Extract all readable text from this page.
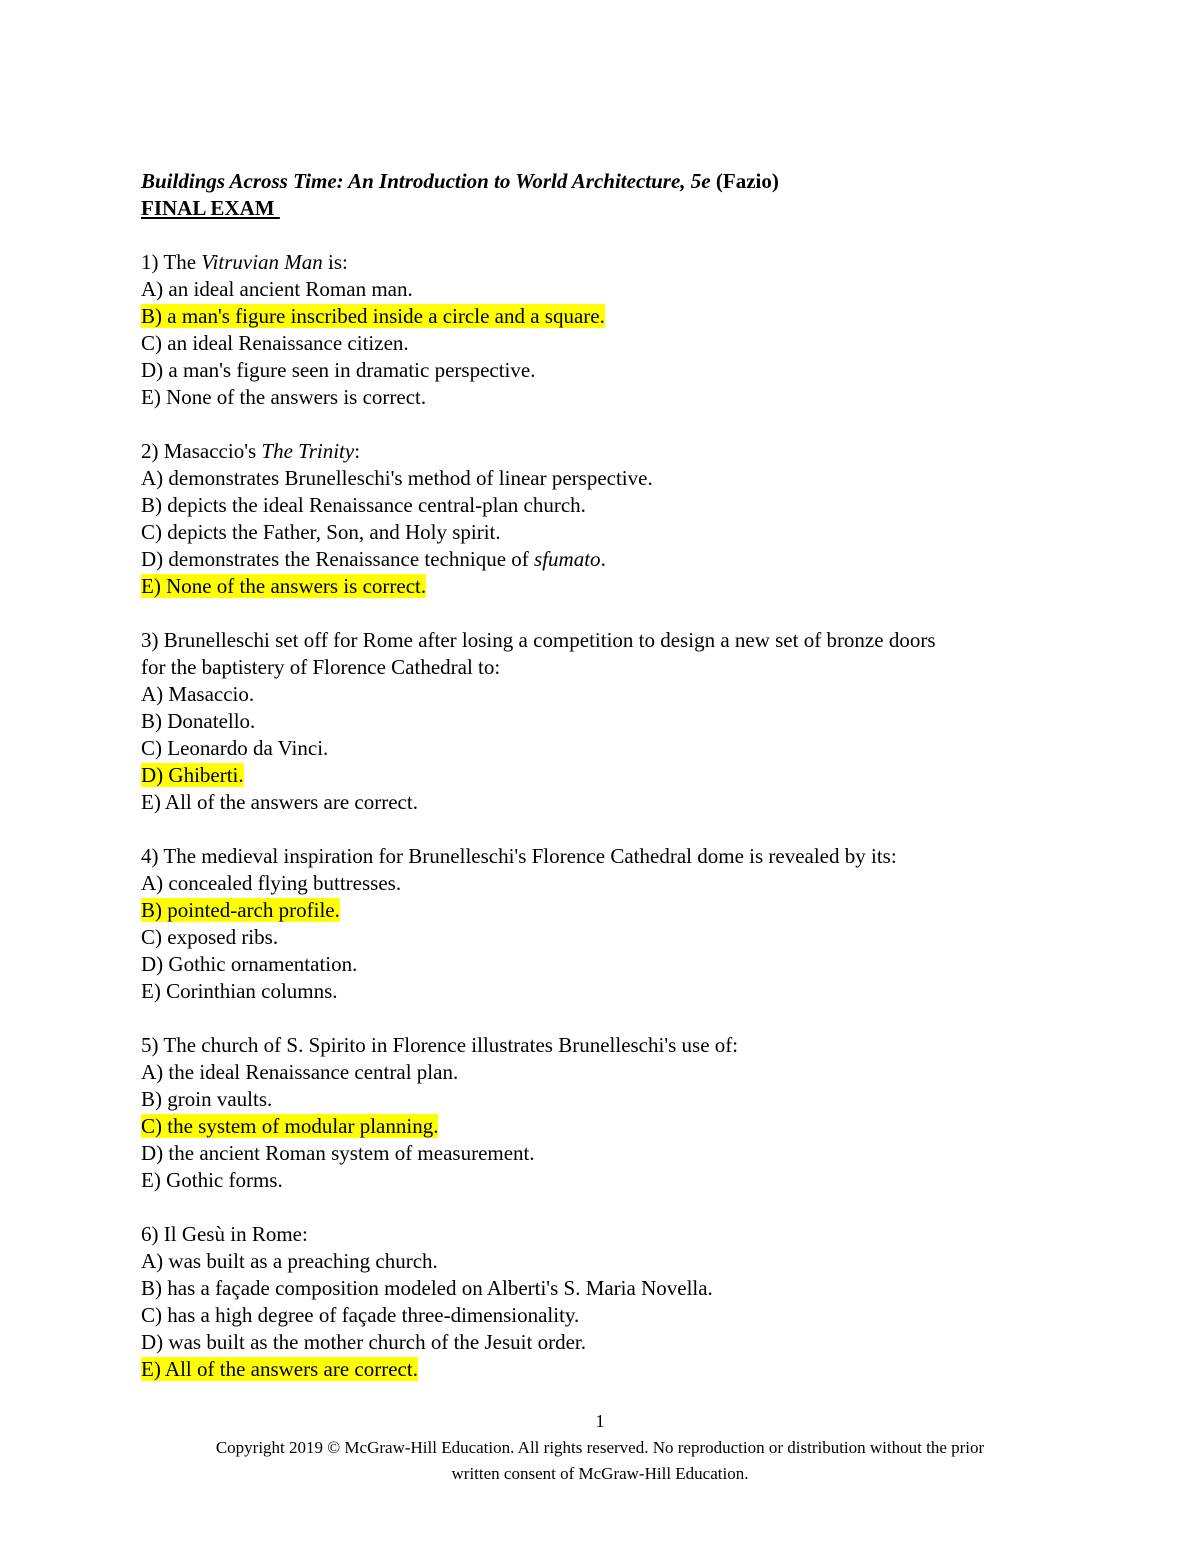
Buildings Across Time: An Introduction to World Architecture, 5e (Fazio)
FINAL EXAM
1) The Vitruvian Man is:
A) an ideal ancient Roman man.
B) a man's figure inscribed inside a circle and a square.
C) an ideal Renaissance citizen.
D) a man's figure seen in dramatic perspective.
E) None of the answers is correct.
2) Masaccio's The Trinity:
A) demonstrates Brunelleschi's method of linear perspective.
B) depicts the ideal Renaissance central-plan church.
C) depicts the Father, Son, and Holy spirit.
D) demonstrates the Renaissance technique of sfumato.
E) None of the answers is correct.
3) Brunelleschi set off for Rome after losing a competition to design a new set of bronze doors
for the baptistery of Florence Cathedral to:
A) Masaccio.
B) Donatello.
C) Leonardo da Vinci.
D) Ghiberti.
E) All of the answers are correct.
4) The medieval inspiration for Brunelleschi's Florence Cathedral dome is revealed by its:
A) concealed flying buttresses.
B) pointed-arch profile.
C) exposed ribs.
D) Gothic ornamentation.
E) Corinthian columns.
5) The church of S. Spirito in Florence illustrates Brunelleschi's use of:
A) the ideal Renaissance central plan.
B) groin vaults.
C) the system of modular planning.
D) the ancient Roman system of measurement.
E) Gothic forms.
6) Il Gesù in Rome:
A) was built as a preaching church.
B) has a façade composition modeled on Alberti's S. Maria Novella.
C) has a high degree of façade three-dimensionality.
D) was built as the mother church of the Jesuit order.
E) All of the answers are correct.
1
Copyright 2019 © McGraw-Hill Education. All rights reserved. No reproduction or distribution without the prior
written consent of McGraw-Hill Education.
